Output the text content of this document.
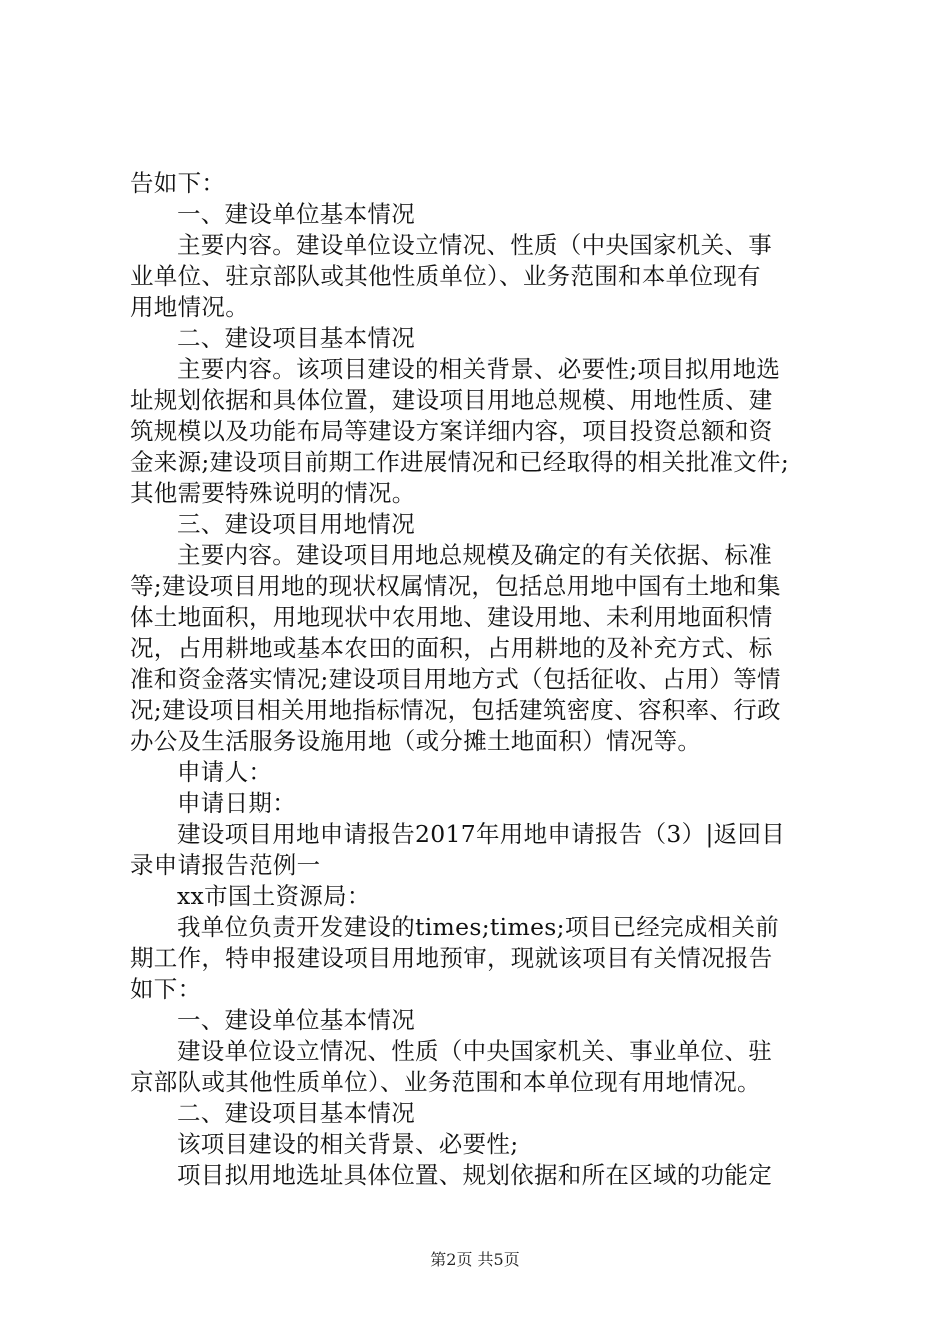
告如下：
一、建设单位基本情况
主要内容。建设单位设立情况、性质（中央国家机关、事
业单位、驻京部队或其他性质单位）、业务范围和本单位现有
用地情况。
二、建设项目基本情况
主要内容。该项目建设的相关背景、必要性;项目拟用地选
址规划依据和具体位置，建设项目用地总规模、用地性质、建
筑规模以及功能布局等建设方案详细内容，项目投资总额和资
金来源;建设项目前期工作进展情况和已经取得的相关批准文件;
其他需要特殊说明的情况。
三、建设项目用地情况
主要内容。建设项目用地总规模及确定的有关依据、标准
等;建设项目用地的现状权属情况，包括总用地中国有土地和集
体土地面积，用地现状中农用地、建设用地、未利用地面积情
况，占用耕地或基本农田的面积，占用耕地的及补充方式、标
准和资金落实情况;建设项目用地方式（包括征收、占用）等情
况;建设项目相关用地指标情况，包括建筑密度、容积率、行政
办公及生活服务设施用地（或分摊土地面积）情况等。
申请人：
申请日期：
建设项目用地申请报告2017年用地申请报告（3）|返回目
录申请报告范例一
xx市国土资源局：
我单位负责开发建设的times;times;项目已经完成相关前
期工作，特申报建设项目用地预审，现就该项目有关情况报告
如下：
一、建设单位基本情况
建设单位设立情况、性质（中央国家机关、事业单位、驻
京部队或其他性质单位）、业务范围和本单位现有用地情况。
二、建设项目基本情况
该项目建设的相关背景、必要性;
项目拟用地选址具体位置、规划依据和所在区域的功能定
第2页 共5页
